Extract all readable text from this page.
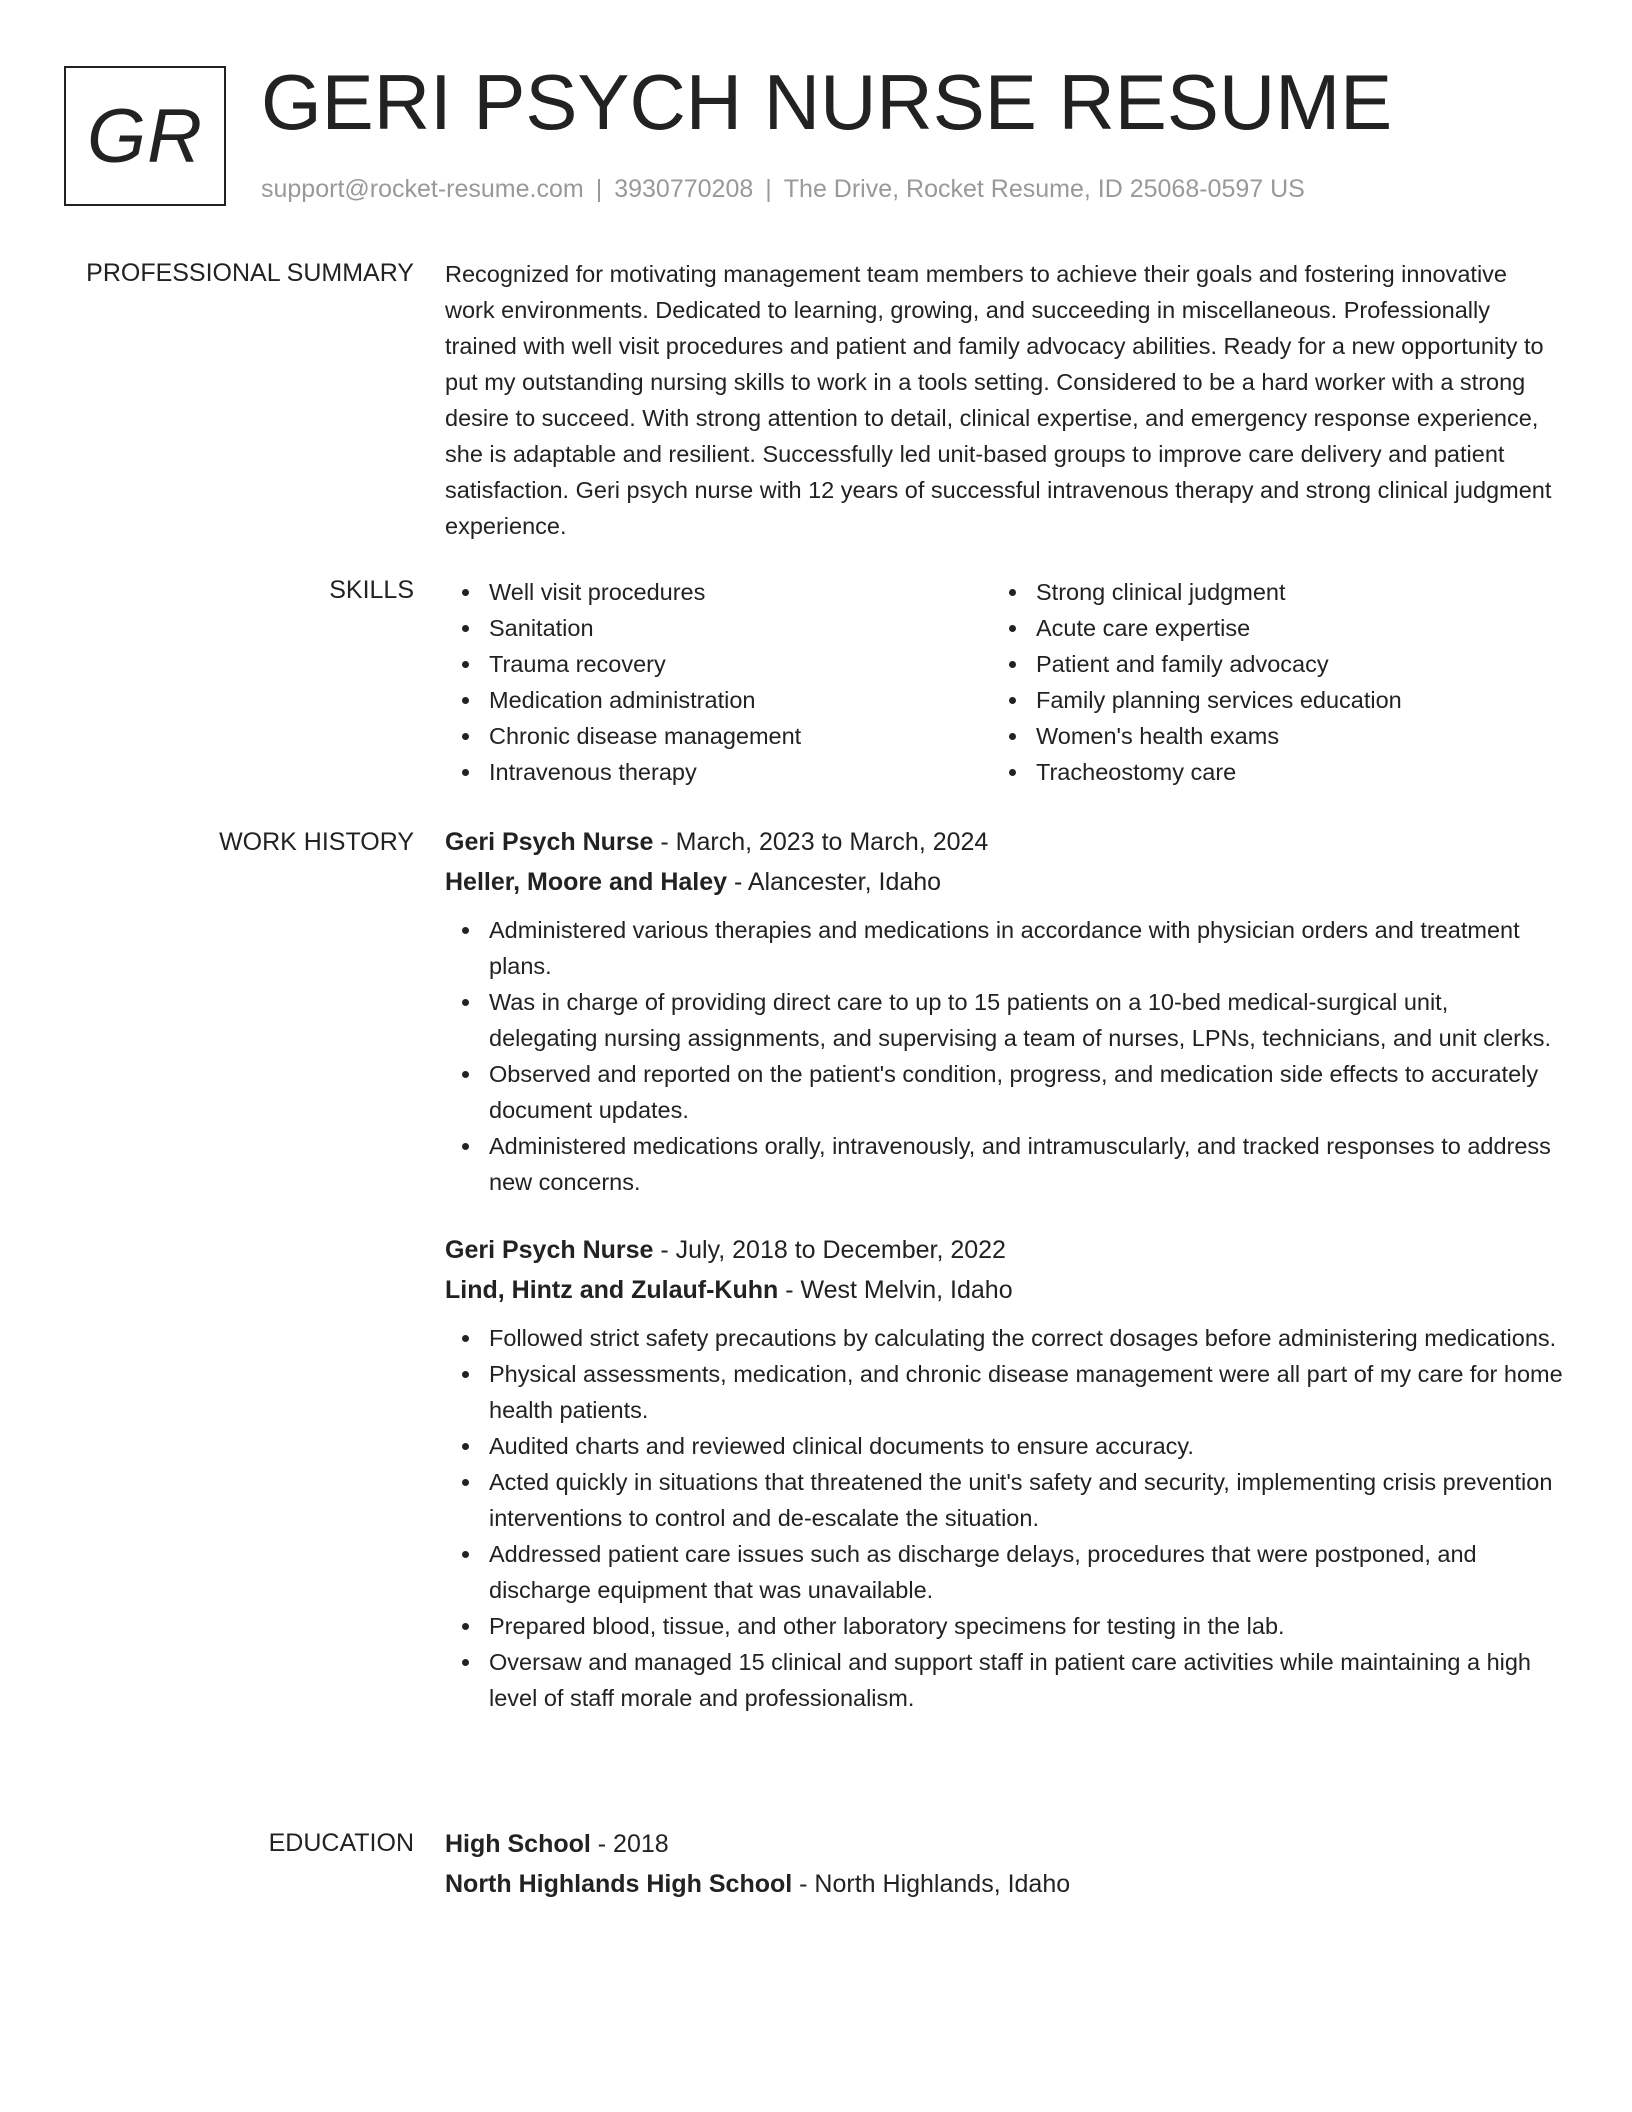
GR GERI PSYCH NURSE RESUME
support@rocket-resume.com | 3930770208 | The Drive, Rocket Resume, ID 25068-0597 US
PROFESSIONAL SUMMARY Recognized for motivating management team members to achieve their goals and fostering innovative work environments. Dedicated to learning, growing, and succeeding in miscellaneous. Professionally trained with well visit procedures and patient and family advocacy abilities. Ready for a new opportunity to put my outstanding nursing skills to work in a tools setting. Considered to be a hard worker with a strong desire to succeed. With strong attention to detail, clinical expertise, and emergency response experience, she is adaptable and resilient. Successfully led unit-based groups to improve care delivery and patient satisfaction. Geri psych nurse with 12 years of successful intravenous therapy and strong clinical judgment experience.

SKILLS	Well visit procedures
Sanitation
Trauma recovery
Medication administration
Chronic disease management
Intravenous therapy
Strong clinical judgment
Acute care expertise
Patient and family advocacy
Family planning services education
Women's health exams
Tracheostomy care
WORK HISTORY Geri Psych Nurse - March, 2023 to March, 2024
Heller, Moore and Haley - Alancester, Idaho
Administered various therapies and medications in accordance with physician orders and treatment plans.
Was in charge of providing direct care to up to 15 patients on a 10-bed medical-surgical unit, delegating nursing assignments, and supervising a team of nurses, LPNs, technicians, and unit clerks.
Observed and reported on the patient's condition, progress, and medication side effects to accurately document updates.
Administered medications orally, intravenously, and intramuscularly, and tracked responses to address new concerns.
Geri Psych Nurse - July, 2018 to December, 2022
Lind, Hintz and Zulauf-Kuhn - West Melvin, Idaho
Followed strict safety precautions by calculating the correct dosages before administering medications.
Physical assessments, medication, and chronic disease management were all part of my care for home health patients.
Audited charts and reviewed clinical documents to ensure accuracy.
Acted quickly in situations that threatened the unit's safety and security, implementing crisis prevention interventions to control and de-escalate the situation.
Addressed patient care issues such as discharge delays, procedures that were postponed, and discharge equipment that was unavailable.
Prepared blood, tissue, and other laboratory specimens for testing in the lab.
Oversaw and managed 15 clinical and support staff in patient care activities while maintaining a high level of staff morale and professionalism.
EDUCATION High School - 2018
North Highlands High School - North Highlands, Idaho
